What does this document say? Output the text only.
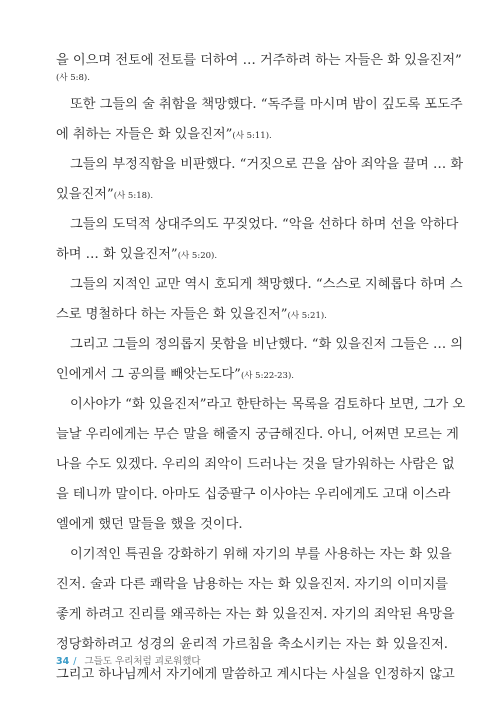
을 이으며 전토에 전토를 더하여 … 거주하려 하는 자들은 화 있을진저”
(사 5:8).
또한 그들의 술 취함을 책망했다. “독주를 마시며 밤이 깊도록 포도주
에 취하는 자들은 화 있을진저”(사 5:11).
그들의 부정직함을 비판했다. “거짓으로 끈을 삼아 죄악을 끌며 … 화
있을진저”(사 5:18).
그들의 도덕적 상대주의도 꾸짖었다. “악을 선하다 하며 선을 악하다
하며 … 화 있을진저”(사 5:20).
그들의 지적인 교만 역시 호되게 책망했다. “스스로 지혜롭다 하며 스
스로 명철하다 하는 자들은 화 있을진저”(사 5:21).
그리고 그들의 정의롭지 못함을 비난했다. “화 있을진저 그들은 … 의
인에게서 그 공의를 빼앗는도다”(사 5:22-23).
이사야가 “화 있을진저”라고 한탄하는 목록을 검토하다 보면, 그가 오
늘날 우리에게는 무슨 말을 해줄지 궁금해진다. 아니, 어쩌면 모르는 게
나을 수도 있겠다. 우리의 죄악이 드러나는 것을 달가워하는 사람은 없
을 테니까 말이다. 아마도 십중팔구 이사야는 우리에게도 고대 이스라
엘에게 했던 말들을 했을 것이다.
이기적인 특권을 강화하기 위해 자기의 부를 사용하는 자는 화 있을
진저. 술과 다른 쾌락을 남용하는 자는 화 있을진저. 자기의 이미지를
좋게 하려고 진리를 왜곡하는 자는 화 있을진저. 자기의 죄악된 욕망을
정당화하려고 성경의 윤리적 가르침을 축소시키는 자는 화 있을진저.
그리고 하나님께서 자기에게 말씀하고 계시다는 사실을 인정하지 않고
34 / 그들도 우리처럼 괴로워했다
